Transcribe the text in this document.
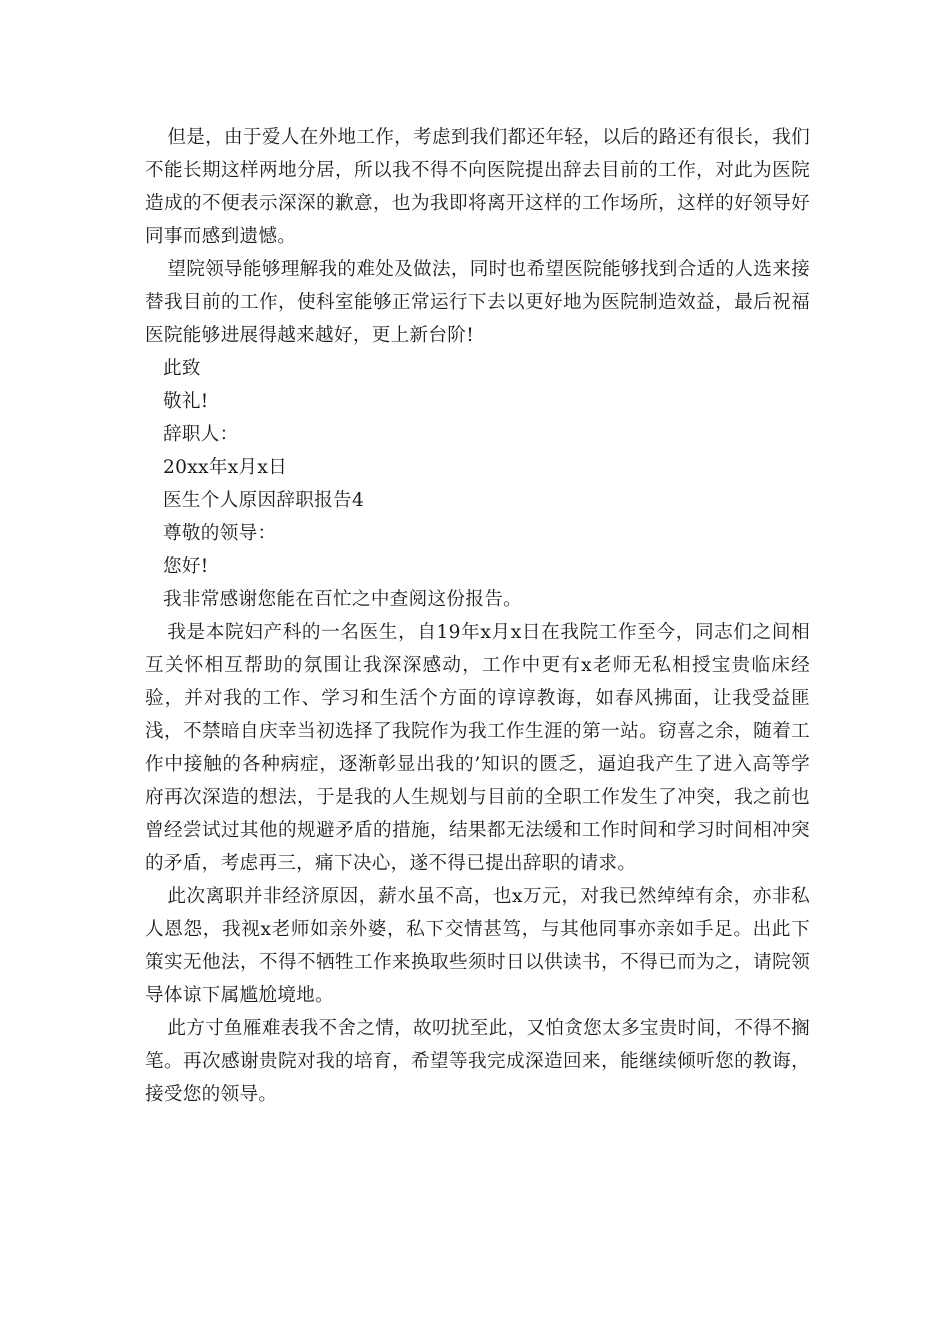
但是，由于爱人在外地工作，考虑到我们都还年轻，以后的路还有很长，我们不能长期这样两地分居，所以我不得不向医院提出辞去目前的工作，对此为医院造成的不便表示深深的歉意，也为我即将离开这样的工作场所，这样的好领导好同事而感到遗憾。

望院领导能够理解我的难处及做法，同时也希望医院能够找到合适的人选来接替我目前的工作，使科室能够正常运行下去以更好地为医院制造效益，最后祝福医院能够进展得越来越好，更上新台阶!

此致

敬礼!

辞职人：

20xx年x月x日

医生个人原因辞职报告4

尊敬的领导：

您好!

我非常感谢您能在百忙之中查阅这份报告。

我是本院妇产科的一名医生，自19年x月x日在我院工作至今，同志们之间相互关怀相互帮助的氛围让我深深感动，工作中更有x老师无私相授宝贵临床经验，并对我的工作、学习和生活个方面的谆谆教诲，如春风拂面，让我受益匪浅，不禁暗自庆幸当初选择了我院作为我工作生涯的第一站。窃喜之余，随着工作中接触的各种病症，逐渐彰显出我的’知识的匮乏，逼迫我产生了进入高等学府再次深造的想法，于是我的人生规划与目前的全职工作发生了冲突，我之前也曾经尝试过其他的规避矛盾的措施，结果都无法缓和工作时间和学习时间相冲突的矛盾，考虑再三，痛下决心，遂不得已提出辞职的请求。

此次离职并非经济原因，薪水虽不高，也x万元，对我已然绰绰有余，亦非私人恩怨，我视x老师如亲外婆，私下交情甚笃，与其他同事亦亲如手足。出此下策实无他法，不得不牺牲工作来换取些须时日以供读书，不得已而为之，请院领导体谅下属尴尬境地。

此方寸鱼雁难表我不舍之情，故叨扰至此，又怕贪您太多宝贵时间，不得不搁笔。再次感谢贵院对我的培育，希望等我完成深造回来，能继续倾听您的教诲，接受您的领导。
